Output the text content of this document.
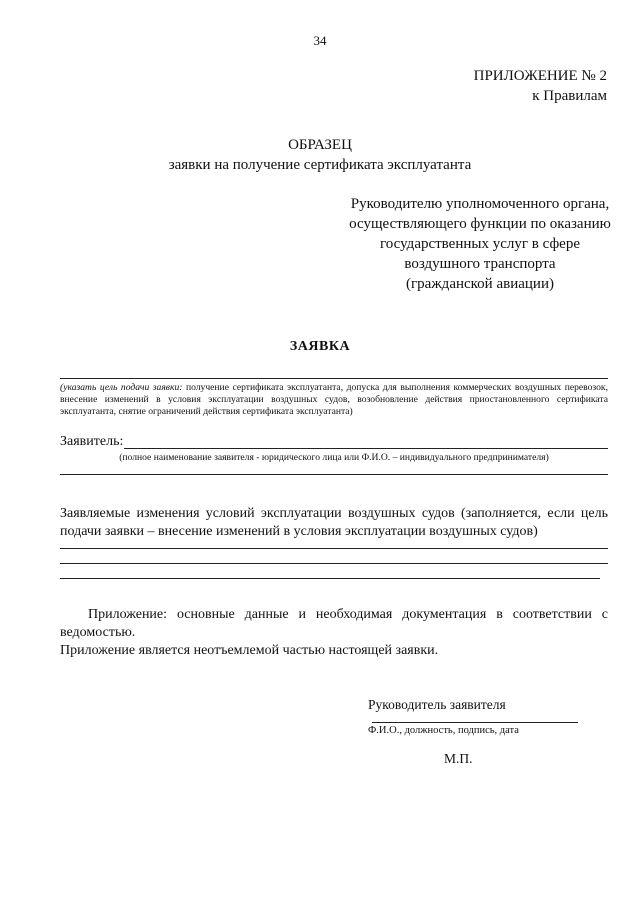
34
ПРИЛОЖЕНИЕ № 2
к Правилам
ОБРАЗЕЦ
заявки на получение сертификата эксплуатанта
Руководителю уполномоченного органа,
осуществляющего функции по оказанию
государственных услуг в сфере
воздушного транспорта
(гражданской авиации)
ЗАЯВКА
(указать цель подачи заявки: получение сертификата эксплуатанта, допуска для выполнения коммерческих воздушных перевозок, внесение изменений в условия эксплуатации воздушных судов, возобновление действия приостановленного сертификата эксплуатанта, снятие ограничений действия сертификата эксплуатанта)
Заявитель:
(полное наименование заявителя - юридического лица или Ф.И.О. – индивидуального предпринимателя)
Заявляемые изменения условий эксплуатации воздушных судов (заполняется, если цель подачи заявки – внесение изменений в условия эксплуатации воздушных судов)

Приложение: основные данные и необходимая документация в соответствии с ведомостью.

Приложение является неотъемлемой частью настоящей заявки.

Руководитель заявителя
Ф.И.О., должность, подпись, дата
М.П.
